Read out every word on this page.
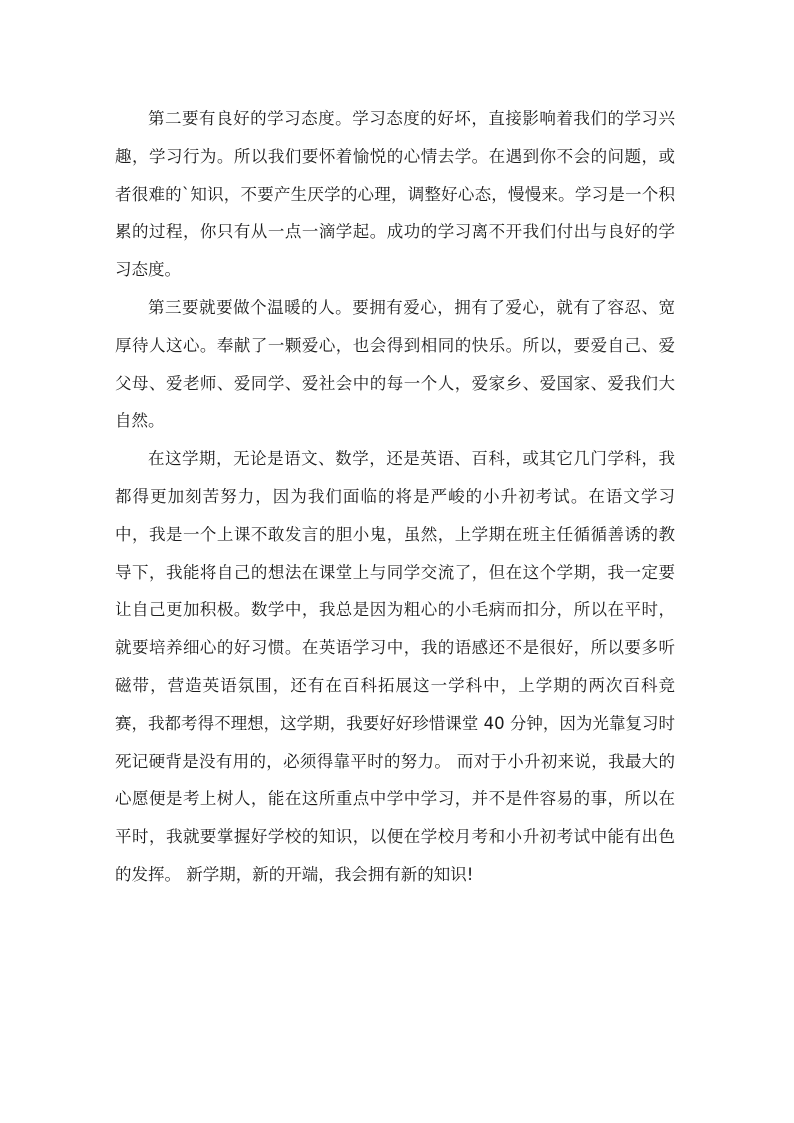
第二要有良好的学习态度。学习态度的好坏，直接影响着我们的学习兴趣，学习行为。所以我们要怀着愉悦的心情去学。在遇到你不会的问题，或者很难的`知识，不要产生厌学的心理，调整好心态，慢慢来。学习是一个积累的过程，你只有从一点一滴学起。成功的学习离不开我们付出与良好的学习态度。

第三要就要做个温暖的人。要拥有爱心，拥有了爱心，就有了容忍、宽厚待人这心。奉献了一颗爱心，也会得到相同的快乐。所以，要爱自己、爱父母、爱老师、爱同学、爱社会中的每一个人，爱家乡、爱国家、爱我们大自然。

在这学期，无论是语文、数学，还是英语、百科，或其它几门学科，我都得更加刻苦努力，因为我们面临的将是严峻的小升初考试。在语文学习中，我是一个上课不敢发言的胆小鬼，虽然，上学期在班主任循循善诱的教导下，我能将自己的想法在课堂上与同学交流了，但在这个学期，我一定要让自己更加积极。数学中，我总是因为粗心的小毛病而扣分，所以在平时，就要培养细心的好习惯。在英语学习中，我的语感还不是很好，所以要多听磁带，营造英语氛围，还有在百科拓展这一学科中，上学期的两次百科竞赛，我都考得不理想，这学期，我要好好珍惜课堂 40 分钟，因为光靠复习时死记硬背是没有用的，必须得靠平时的努力。 而对于小升初来说，我最大的心愿便是考上树人，能在这所重点中学中学习，并不是件容易的事，所以在平时，我就要掌握好学校的知识，以便在学校月考和小升初考试中能有出色的发挥。 新学期，新的开端，我会拥有新的知识!
